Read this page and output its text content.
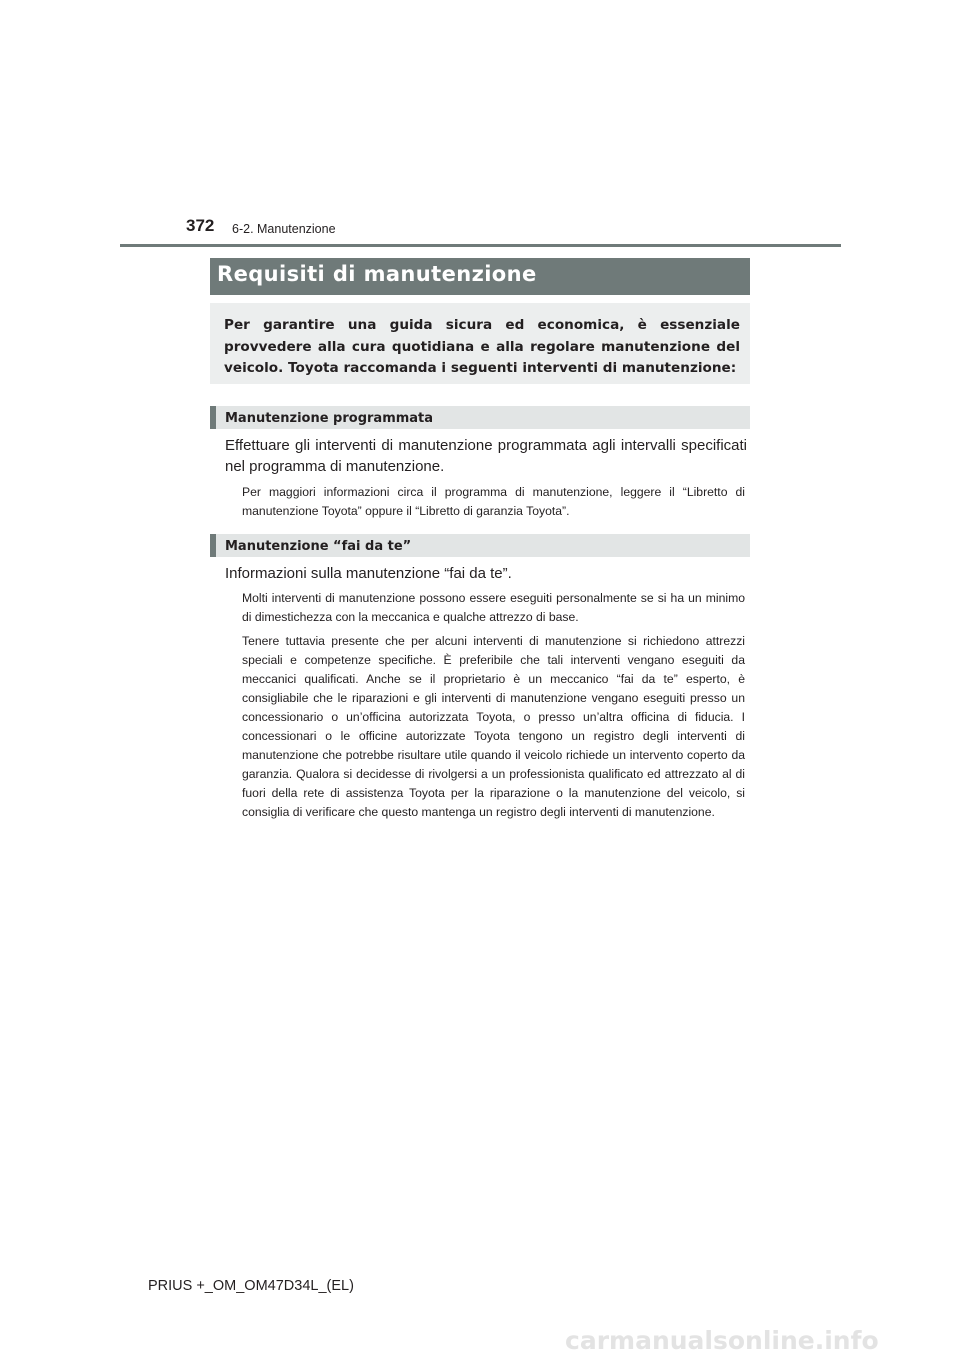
372 6-2. Manutenzione
Requisiti di manutenzione

Per garantire una guida sicura ed economica, è essenziale provvedere alla cura quotidiana e alla regolare manutenzione del veicolo. Toyota raccomanda i seguenti interventi di manutenzione:

Manutenzione programmata

Effettuare gli interventi di manutenzione programmata agli intervalli specificati nel programma di manutenzione.

Per maggiori informazioni circa il programma di manutenzione, leggere il “Libretto di manutenzione Toyota” oppure il “Libretto di garanzia Toyota”.

Manutenzione “fai da te”

Informazioni sulla manutenzione “fai da te”.

Molti interventi di manutenzione possono essere eseguiti personalmente se si ha un minimo di dimestichezza con la meccanica e qualche attrezzo di base.

Tenere tuttavia presente che per alcuni interventi di manutenzione si richiedono attrezzi speciali e competenze specifiche. È preferibile che tali interventi vengano eseguiti da meccanici qualificati. Anche se il proprietario è un meccanico “fai da te” esperto, è consigliabile che le riparazioni e gli interventi di manutenzione vengano eseguiti presso un concessionario o un’officina autorizzata Toyota, o presso un’altra officina di fiducia. I concessionari o le officine autorizzate Toyota tengono un registro degli interventi di manutenzione che potrebbe risultare utile quando il veicolo richiede un intervento coperto da garanzia. Qualora si decidesse di rivolgersi a un professionista qualificato ed attrezzato al di fuori della rete di assistenza Toyota per la riparazione o la manutenzione del veicolo, si consiglia di verificare che questo mantenga un registro degli interventi di manutenzione.

PRIUS +_OM_OM47D34L_(EL)
carmanualsonline.info
